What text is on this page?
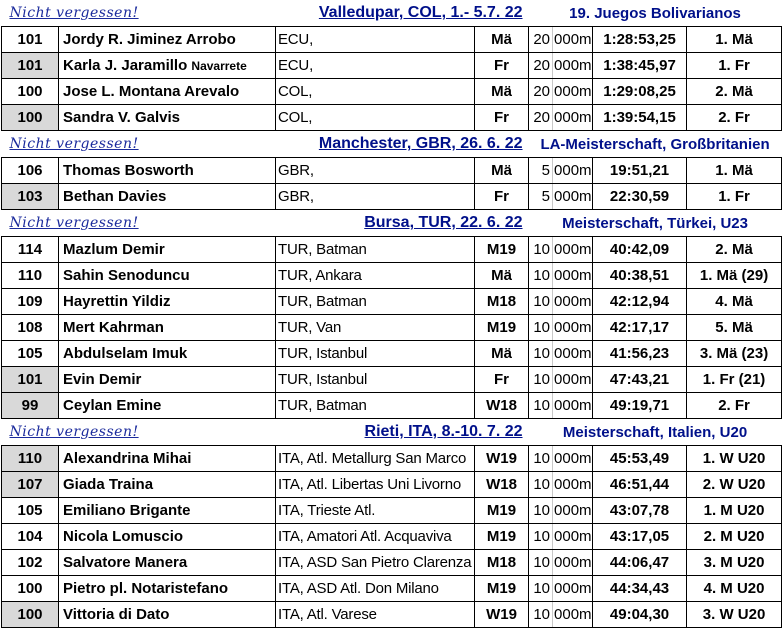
Nicht vergessen!		Valledupar, COL, 1.- 5.7. 22		19. Juegos Bolivarianos			
101	Jordy R. Jiminez Arrobo	ECU,	Mä	20	000m	1:28:53,25	1. Mä
101	Karla J. Jaramillo Navarrete	ECU,	Fr	20	000m	1:38:45,97	1. Fr
100	Jose L. Montana Arevalo	COL,	Mä	20	000m	1:29:08,25	2. Mä
100	Sandra V. Galvis	COL,	Fr	20	000m	1:39:54,15	2. Fr
Nicht vergessen!		Manchester, GBR, 26. 6. 22		LA-Meisterschaft, Großbritanien			
106	Thomas Bosworth	GBR,	Mä	5	000m	19:51,21	1. Mä
103	Bethan Davies	GBR,	Fr	5	000m	22:30,59	1. Fr
Nicht vergessen!		Bursa, TUR, 22. 6. 22		Meisterschaft, Türkei, U23			
114	Mazlum Demir	TUR, Batman	M19	10	000m	40:42,09	2. Mä
110	Sahin Senoduncu	TUR, Ankara	Mä	10	000m	40:38,51	1. Mä (29)
109	Hayrettin Yildiz	TUR, Batman	M18	10	000m	42:12,94	4. Mä
108	Mert Kahrman	TUR, Van	M19	10	000m	42:17,17	5. Mä
105	Abdulselam Imuk	TUR, Istanbul	Mä	10	000m	41:56,23	3. Mä (23)
101	Evin Demir	TUR, Istanbul	Fr	10	000m	47:43,21	1. Fr (21)
99	Ceylan Emine	TUR, Batman	W18	10	000m	49:19,71	2. Fr
Nicht vergessen!		Rieti, ITA, 8.-10. 7. 22		Meisterschaft, Italien, U20			
110	Alexandrina Mihai	ITA, Atl. Metallurg San Marco	W19	10	000m	45:53,49	1. W U20
107	Giada Traina	ITA, Atl. Libertas Uni Livorno	W18	10	000m	46:51,44	2. W U20
105	Emiliano Brigante	ITA, Trieste Atl.	M19	10	000m	43:07,78	1. M U20
104	Nicola Lomuscio	ITA, Amatori Atl. Acquaviva	M19	10	000m	43:17,05	2. M U20
102	Salvatore Manera	ITA, ASD San Pietro Clarenza	M18	10	000m	44:06,47	3. M U20
100	Pietro pl. Notaristefano	ITA, ASD Atl. Don Milano	M19	10	000m	44:34,43	4. M U20
100	Vittoria di Dato	ITA, Atl. Varese	W19	10	000m	49:04,30	3. W U20
